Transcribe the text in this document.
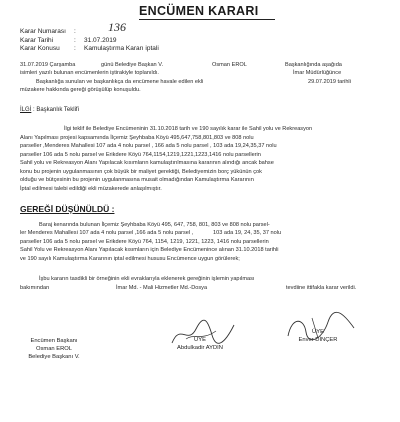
ENCÜMEN KARARI
Karar Numarası :	136
Karar Tarihi	: 31.07.2019
Karar Konusu : Kamulaştırma Kararı iptali
31.07.2019 Çarşamba	günü Belediye Başkan V.	Osman EROL	Başkanlığında aşağıda
isimleri yazılı bulunan encümenlerin iştirakiyle toplanıldı.	İmar Müdürlüğünce
Başkanlığa sunulan ve başkanlıkça da encümene havale edilen ekli	29.07.2019 tarihli
müzakere hakkında gereği görüşülüp konuşuldu.
İLGİ : Başkanlık Teklifi
İlgi teklif ile Belediye Encümeninin 31.10.2018 tarih ve 190 sayılık karar ile Sahil yolu ve Rekreasyon
Alanı Yapılması projesi kapsamında İlçemiz Şeyhbaba Köyü 495,647,758,801,803 ve 808 nolu
parseller ,Menderes Mahallesi 107 ada 4 nolu parsel , 166 ada 5 nolu parsel , 103 ada 19,24,35,37 nolu
parseller 106 ada 5 nolu parsel ve Erikdere Köyü 764,1154,1219,1221,1223,1416 nolu parsellerin
Sahil yolu ve Rekreasyon Alanı Yapılacak kısımların kamulaştırılmasına kararının alındığı ancak bahse
konu bu projenin uygulanmasının çok büyük bir maliyet gerektiği, Belediyemizin borç yükünün çok
olduğu ve bütçesinin bu projenin uygulanmasına musait olmadığından Kamulaştırma Kararının
İptal edilmesi talebi edildiği ekli müzakerede anlaşılmıştır.
GEREĞİ DÜŞÜNÜLDÜ :
Baraj kenarında bulunan İlçemiz Şeyhbaba Köyü 495, 647, 758, 801, 803 ve 808 nolu parsel-
ler Menderes Mahallesi 107 ada 4 nolu parsel ,166 ada 5 nolu parsel ,	103 ada 19, 24, 35, 37 nolu
parseller 106 ada 5 nolu parsel ve Erikdere Köyü 764, 1154, 1219, 1221, 1223, 1416 nolu parsellerin
Sahil Yolu ve Rekreasyon Alanı Yapılacak kısımların için Belediye Encümenince alınan 31.10.2018 tarihli
ve 190 sayılı Kamulaştırma Kararının iptal edilmesi hususu Encümence uygun görülerek;
İşbu kararın tasdikli bir örneğinin ekli evraklarıyla eklenerek gereğinin işlemin yapılması
bakımından	İmar Md. - Mali Hizmetler Md.-Dosya	tevdiine ittifakla karar verildi.
Encümen Başkanı
Osman EROL
Belediye Başkanı V.
ÜYE
Abdulkadir AYDIN
ÜYE
Enver DİNÇER
